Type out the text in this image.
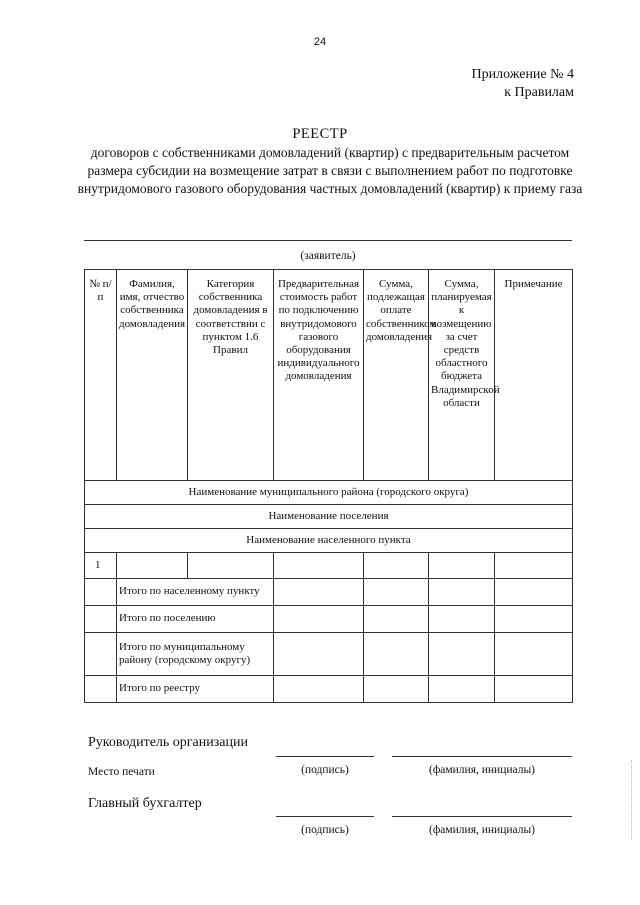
24
Приложение № 4
к Правилам
РЕЕСТР
договоров с собственниками домовладений (квартир) с предварительным расчетом размера субсидии на возмещение затрат в связи с выполнением работ по подготовке внутридомового газового оборудования частных домовладений (квартир) к приему газа
(заявитель)
№ п/п	Фамилия, имя, отчество собственника домовладения	Категория собственника домовладения в соответствии с пунктом 1.6 Правил	Предварительная стоимость работ по подключению внутридомового газового оборудования индивидуального домовладения	Сумма, подлежащая оплате собственником домовладения	Сумма, планируемая к возмещению за счет средств областного бюджета Владимирской области	Примечание
Наименование муниципального района (городского округа)						
Наименование поселения						
Наименование населенного пункта						
1						
	Итого по населенному пункту					
	Итого по поселению					
	Итого по муниципальному району (городскому округу)					
	Итого по реестру					
Руководитель организации
Место печати	(подпись)	(фамилия, инициалы)
Главный бухгалтер
(подпись)	(фамилия, инициалы)
